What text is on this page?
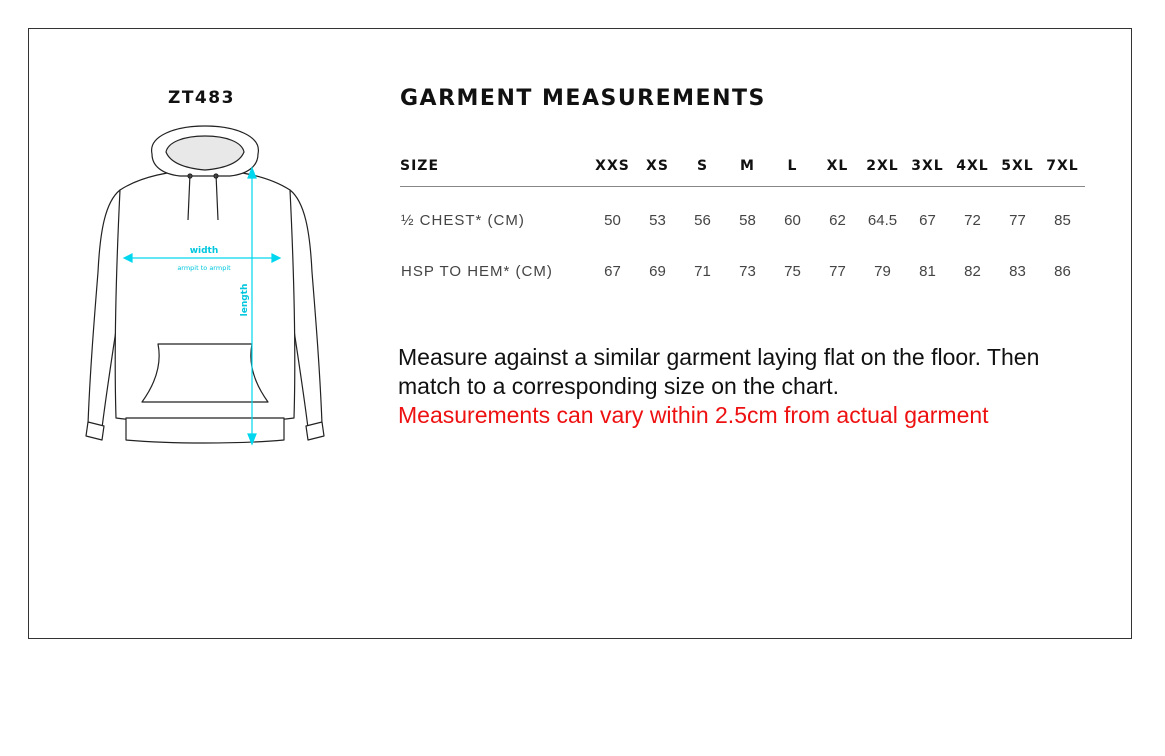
ZT483
width
armpit to armpit
length
GARMENT MEASUREMENTS
SIZE	XXS	XS	S	M	L	XL	2XL	3XL	4XL	5XL	7XL
½ CHEST* (CM)	50	53	56	58	60	62	64.5	67	72	77	85
HSP TO HEM* (CM)	67	69	71	73	75	77	79	81	82	83	86
Measure against a similar garment laying flat on the floor. Then
match to a corresponding size on the chart.
Measurements can vary within 2.5cm from actual garment
